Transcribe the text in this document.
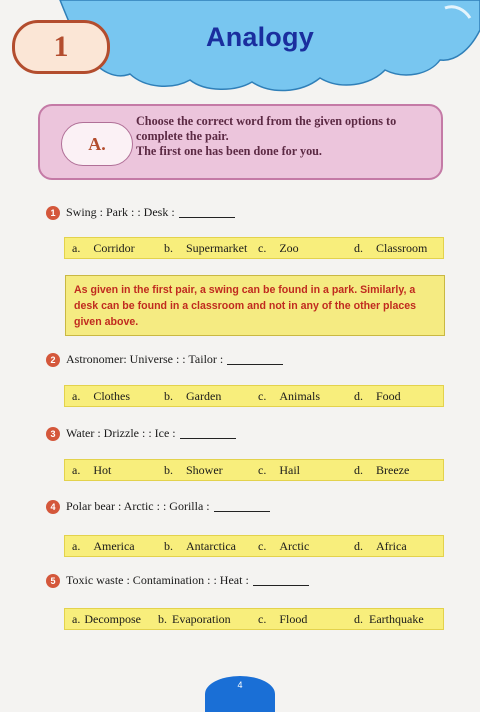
1	Analogy
A.
Choose the correct word from the given options to
complete the pair.
The first one has been done for you.
1 Swing : Park : : Desk :
a. Corridor b. Supermarket c. Zoo	d. Classroom
As given in the first pair, a swing can be found in a park. Similarly, a
desk can be found in a classroom and not in any of the other places
given above.
2 Astronomer: Universe : : Tailor :
a. Clothes	b. Garden	c. Animals	d. Food
3 Water : Drizzle : : Ice :
a. Hot	b. Shower	c. Hail	d. Breeze
4 Polar bear : Arctic : : Gorilla :
a. America b. Antarctica c. Arctic	d. Africa
5 Toxic waste : Contamination : : Heat :
a. Decompose b. Evaporation c. Flood	d. Earthquake
4
